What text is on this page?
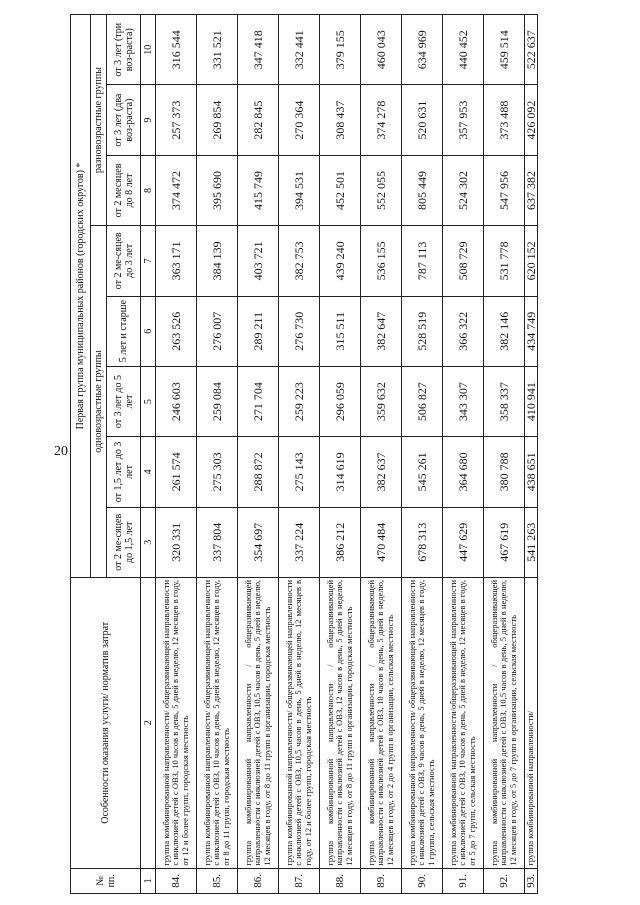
20
№ пп.	Особенности оказания услуги/ норматив затрат	Первая группа муниципальных районов (городских округов) *							
		одновозрастные группы					разновозрастные группы		
		от 2 ме-сяцев до 1,5 лет	от 1,5 лет до 3 лет	от 3 лет до 5 лет	5 лет и старше	от 2 ме-сяцев до 3 лет	от 2 месяцев до 8 лет	от 3 лет (два воз-раста)	от 3 лет (три воз-раста)
1	2	3	4	5	6	7	8	9	10
84.	группа комбинированной направленности/ общеразвивающей направленности с инклюзией детей с ОВЗ, 10 часов в день, 5 дней в неделю, 12 месяцев в году, от 12 и более групп, городская местность	320 331	261 574	246 603	263 526	363 171	374 472	257 373	316 544
85.	группа комбинированной направленности/ общеразвивающей направленности с инклюзией детей с ОВЗ, 10 часов в день, 5 дней в неделю, 12 месяцев в году, от 8 до 11 групп, городская местность	337 804	275 303	259 084	276 007	384 139	395 690	269 854	331 521
86.	группа комбинированной направленности / общеразвивающей направленности с инклюзией детей с ОВЗ, 10,5 часов в день, 5 дней в неделю, 12 месяцев в году, от 8 до 11 групп в организации, городская местность	354 697	288 872	271 704	289 211	403 721	415 749	282 845	347 418
87.	группа комбинированной направленности/ общеразвивающей направленности с инклюзией детей с ОВЗ, 10,5 часов в день, 5 дней в неделю, 12 месяцев в году, от 12 и более групп, городская местность	337 224	275 143	259 223	276 730	382 753	394 531	270 364	332 441
88.	группа комбинированной направленности / общеразвивающей направленности с инклюзией детей с ОВЗ, 12 часов в день, 5 дней в неделю, 12 месяцев в году, от 8 до 11 групп в организации, городская местность	386 212	314 619	296 059	315 511	439 240	452 501	308 437	379 155
89.	группа комбинированной направленности / общеразвивающей направленности с инклюзией детей с ОВЗ, 10 часов в день, 5 дней в неделю, 12 месяцев в году, от 2 до 4 групп в организации, сельская местность	470 484	382 637	359 632	382 647	536 155	552 055	374 278	460 043
90.	группа комбинированной направленности/ общеразвивающей направленности с инклюзией детей с ОВЗ, 9 часов в день, 5 дней в неделю, 12 месяцев в году, 1 группа, сельская местность	678 313	545 261	506 827	528 519	787 113	805 449	520 631	634 969
91.	группа комбинированной направленности/общеразвивающей направленности с инклюзией детей с ОВЗ, 10 часов в день, 5 дней в неделю, 12 месяцев в году, от 5 до 7 групп, сельская местность	447 629	364 680	343 307	366 322	508 729	524 302	357 953	440 452
92.	группа комбинированной направленности / общеразвивающей направленности с инклюзией детей с ОВЗ, 10,5 часов в день, 5 дней в неделю, 12 месяцев в году, от 5 до 7 групп в организации, сельская местность	467 619	380 788	358 337	382 146	531 778	547 956	373 488	459 514
93.	группа комбинированной направленности/	541 263	438 651	410 941	434 749	620 152	637 382	426 092	522 637
